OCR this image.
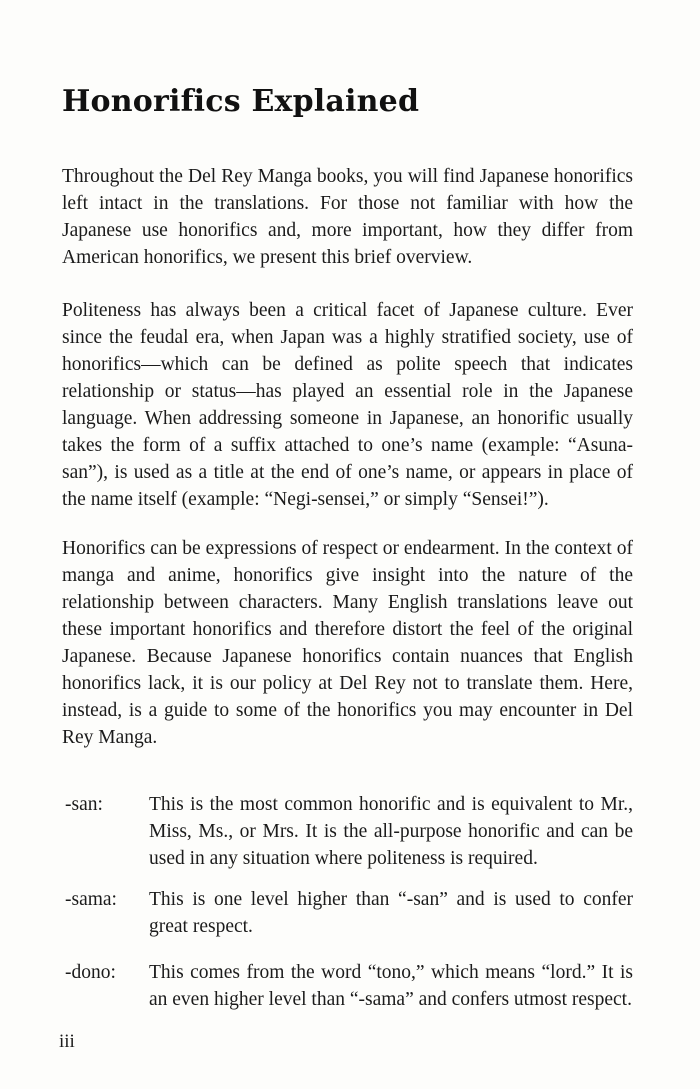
Honorifics Explained

Throughout the Del Rey Manga books, you will find Japanese honorifics left intact in the translations. For those not familiar with how the Japanese use honorifics and, more important, how they differ from American honorifics, we present this brief overview.

Politeness has always been a critical facet of Japanese culture. Ever since the feudal era, when Japan was a highly stratified society, use of honorifics—which can be defined as polite speech that indicates relationship or status—has played an essential role in the Japanese language. When addressing someone in Japanese, an honorific usually takes the form of a suffix attached to one’s name (example: “Asuna-san”), is used as a title at the end of one’s name, or appears in place of the name itself (example: “Negi-sensei,” or simply “Sensei!”).

Honorifics can be expressions of respect or endearment. In the context of manga and anime, honorifics give insight into the nature of the relationship between characters. Many English translations leave out these important honorifics and therefore distort the feel of the original Japanese. Because Japanese honorifics contain nuances that English honorifics lack, it is our policy at Del Rey not to translate them. Here, instead, is a guide to some of the honorifics you may encounter in Del Rey Manga.

-san: This is the most common honorific and is equivalent to Mr., Miss, Ms., or Mrs. It is the all-purpose honorific and can be used in any situation where politeness is required.

-sama: This is one level higher than “-san” and is used to confer great respect.

-dono: This comes from the word “tono,” which means “lord.” It is an even higher level than “-sama” and confers utmost respect.

iii
